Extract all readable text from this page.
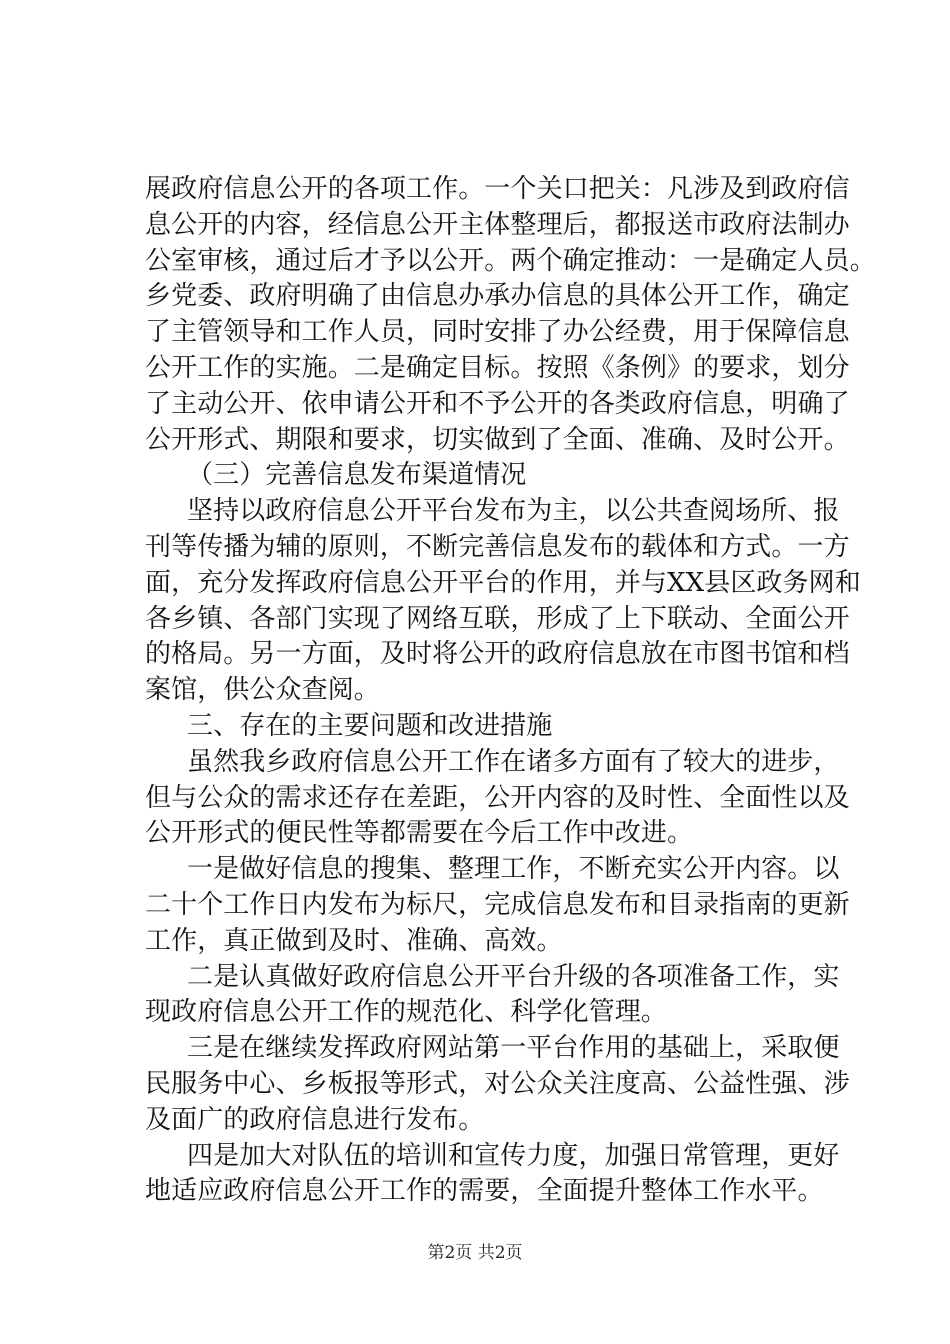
展政府信息公开的各项工作。一个关口把关：凡涉及到政府信
息公开的内容，经信息公开主体整理后，都报送市政府法制办
公室审核，通过后才予以公开。两个确定推动：一是确定人员。
乡党委、政府明确了由信息办承办信息的具体公开工作，确定
了主管领导和工作人员，同时安排了办公经费，用于保障信息
公开工作的实施。二是确定目标。按照《条例》的要求，划分
了主动公开、依申请公开和不予公开的各类政府信息，明确了
公开形式、期限和要求，切实做到了全面、准确、及时公开。
（三）完善信息发布渠道情况
坚持以政府信息公开平台发布为主，以公共查阅场所、报
刊等传播为辅的原则，不断完善信息发布的载体和方式。一方
面，充分发挥政府信息公开平台的作用，并与XX县区政务网和
各乡镇、各部门实现了网络互联，形成了上下联动、全面公开
的格局。另一方面，及时将公开的政府信息放在市图书馆和档
案馆，供公众查阅。
三、存在的主要问题和改进措施
虽然我乡政府信息公开工作在诸多方面有了较大的进步，
但与公众的需求还存在差距，公开内容的及时性、全面性以及
公开形式的便民性等都需要在今后工作中改进。
一是做好信息的搜集、整理工作，不断充实公开内容。以
二十个工作日内发布为标尺，完成信息发布和目录指南的更新
工作，真正做到及时、准确、高效。
二是认真做好政府信息公开平台升级的各项准备工作，实
现政府信息公开工作的规范化、科学化管理。
三是在继续发挥政府网站第一平台作用的基础上，采取便
民服务中心、乡板报等形式，对公众关注度高、公益性强、涉
及面广的政府信息进行发布。
四是加大对队伍的培训和宣传力度，加强日常管理，更好
地适应政府信息公开工作的需要，全面提升整体工作水平。
第2页 共2页
